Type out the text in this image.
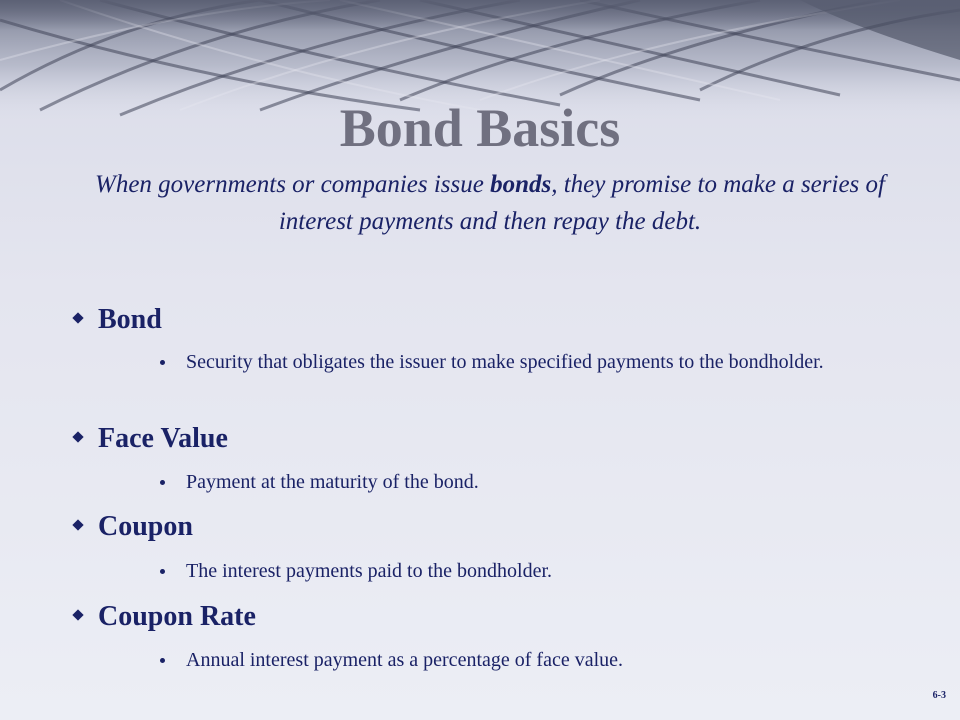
Bond Basics

When governments or companies issue bonds, they promise to make a series of interest payments and then repay the debt.

Bond
Security that obligates the issuer to make specified payments to the bondholder.
Face Value
Payment at the maturity of the bond.
Coupon
The interest payments paid to the bondholder.
Coupon Rate
Annual interest payment as a percentage of face value.
6-3
